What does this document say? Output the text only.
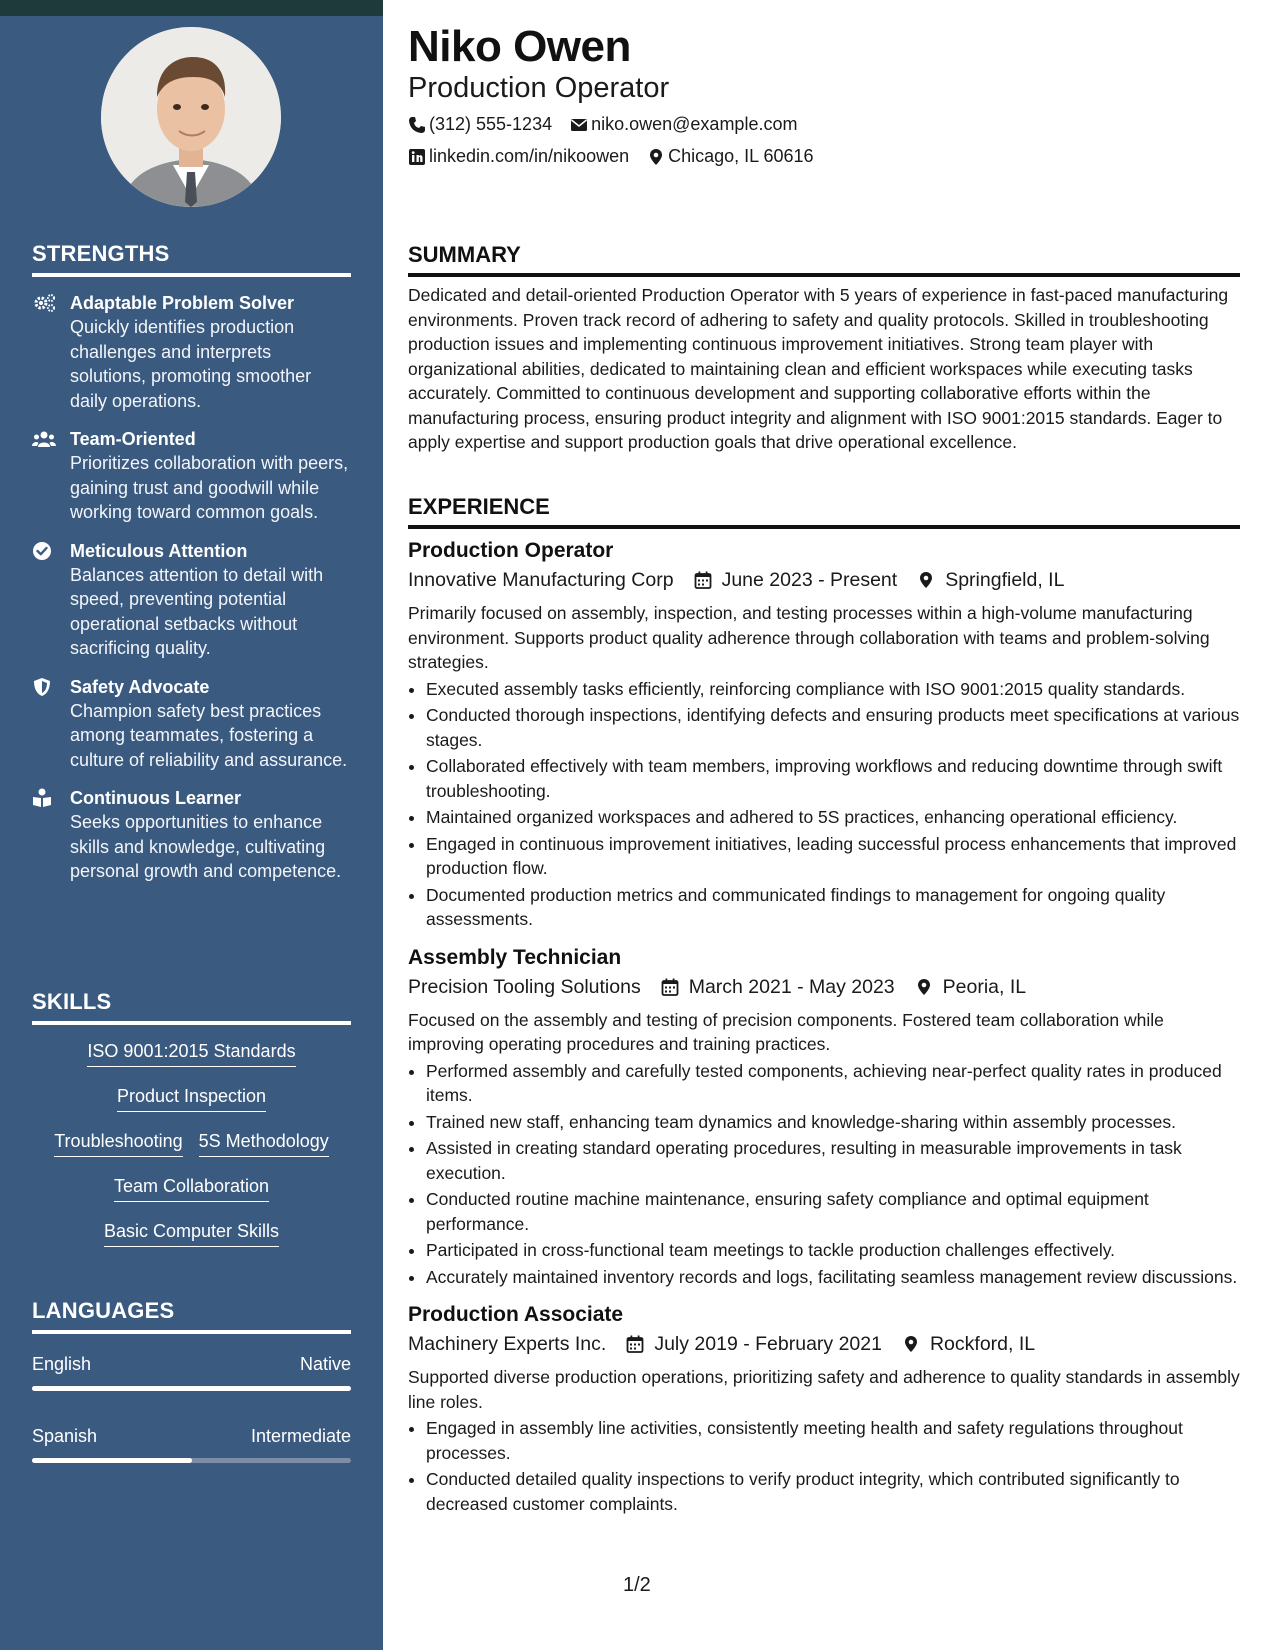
STRENGTHS
Adaptable Problem Solver
Quickly identifies production challenges and interprets solutions, promoting smoother daily operations.
Team-Oriented
Prioritizes collaboration with peers, gaining trust and goodwill while working toward common goals.
Meticulous Attention
Balances attention to detail with speed, preventing potential operational setbacks without sacrificing quality.
Safety Advocate
Champion safety best practices among teammates, fostering a culture of reliability and assurance.
Continuous Learner
Seeks opportunities to enhance skills and knowledge, cultivating personal growth and competence.
SKILLS
ISO 9001:2015 Standards
Product Inspection
Troubleshooting 5S Methodology
Team Collaboration
Basic Computer Skills
LANGUAGES
English	Native
Spanish	Intermediate
Niko Owen
Production Operator
(312) 555-1234 niko.owen@example.com
linkedin.com/in/nikoowen Chicago, IL 60616
SUMMARY
Dedicated and detail-oriented Production Operator with 5 years of experience in fast-paced manufacturing environments. Proven track record of adhering to safety and quality protocols. Skilled in troubleshooting production issues and implementing continuous improvement initiatives. Strong team player with organizational abilities, dedicated to maintaining clean and efficient workspaces while executing tasks accurately. Committed to continuous development and supporting collaborative efforts within the manufacturing process, ensuring product integrity and alignment with ISO 9001:2015 standards. Eager to apply expertise and support production goals that drive operational excellence.
EXPERIENCE
Production Operator
Innovative Manufacturing Corp June 2023 - Present Springfield, IL
Primarily focused on assembly, inspection, and testing processes within a high-volume manufacturing environment. Supports product quality adherence through collaboration with teams and problem-solving strategies.
• Executed assembly tasks efficiently, reinforcing compliance with ISO 9001:2015 quality standards.
• Conducted thorough inspections, identifying defects and ensuring products meet specifications at various stages.
• Collaborated effectively with team members, improving workflows and reducing downtime through swift troubleshooting.
• Maintained organized workspaces and adhered to 5S practices, enhancing operational efficiency.
• Engaged in continuous improvement initiatives, leading successful process enhancements that improved production flow.
• Documented production metrics and communicated findings to management for ongoing quality assessments.
Assembly Technician
Precision Tooling Solutions March 2021 - May 2023 Peoria, IL
Focused on the assembly and testing of precision components. Fostered team collaboration while improving operating procedures and training practices.
• Performed assembly and carefully tested components, achieving near-perfect quality rates in produced items.
• Trained new staff, enhancing team dynamics and knowledge-sharing within assembly processes.
• Assisted in creating standard operating procedures, resulting in measurable improvements in task execution.
• Conducted routine machine maintenance, ensuring safety compliance and optimal equipment performance.
• Participated in cross-functional team meetings to tackle production challenges effectively.
• Accurately maintained inventory records and logs, facilitating seamless management review discussions.
Production Associate
Machinery Experts Inc. July 2019 - February 2021 Rockford, IL
Supported diverse production operations, prioritizing safety and adherence to quality standards in assembly line roles.
• Engaged in assembly line activities, consistently meeting health and safety regulations throughout processes.
• Conducted detailed quality inspections to verify product integrity, which contributed significantly to decreased customer complaints.
1/2
